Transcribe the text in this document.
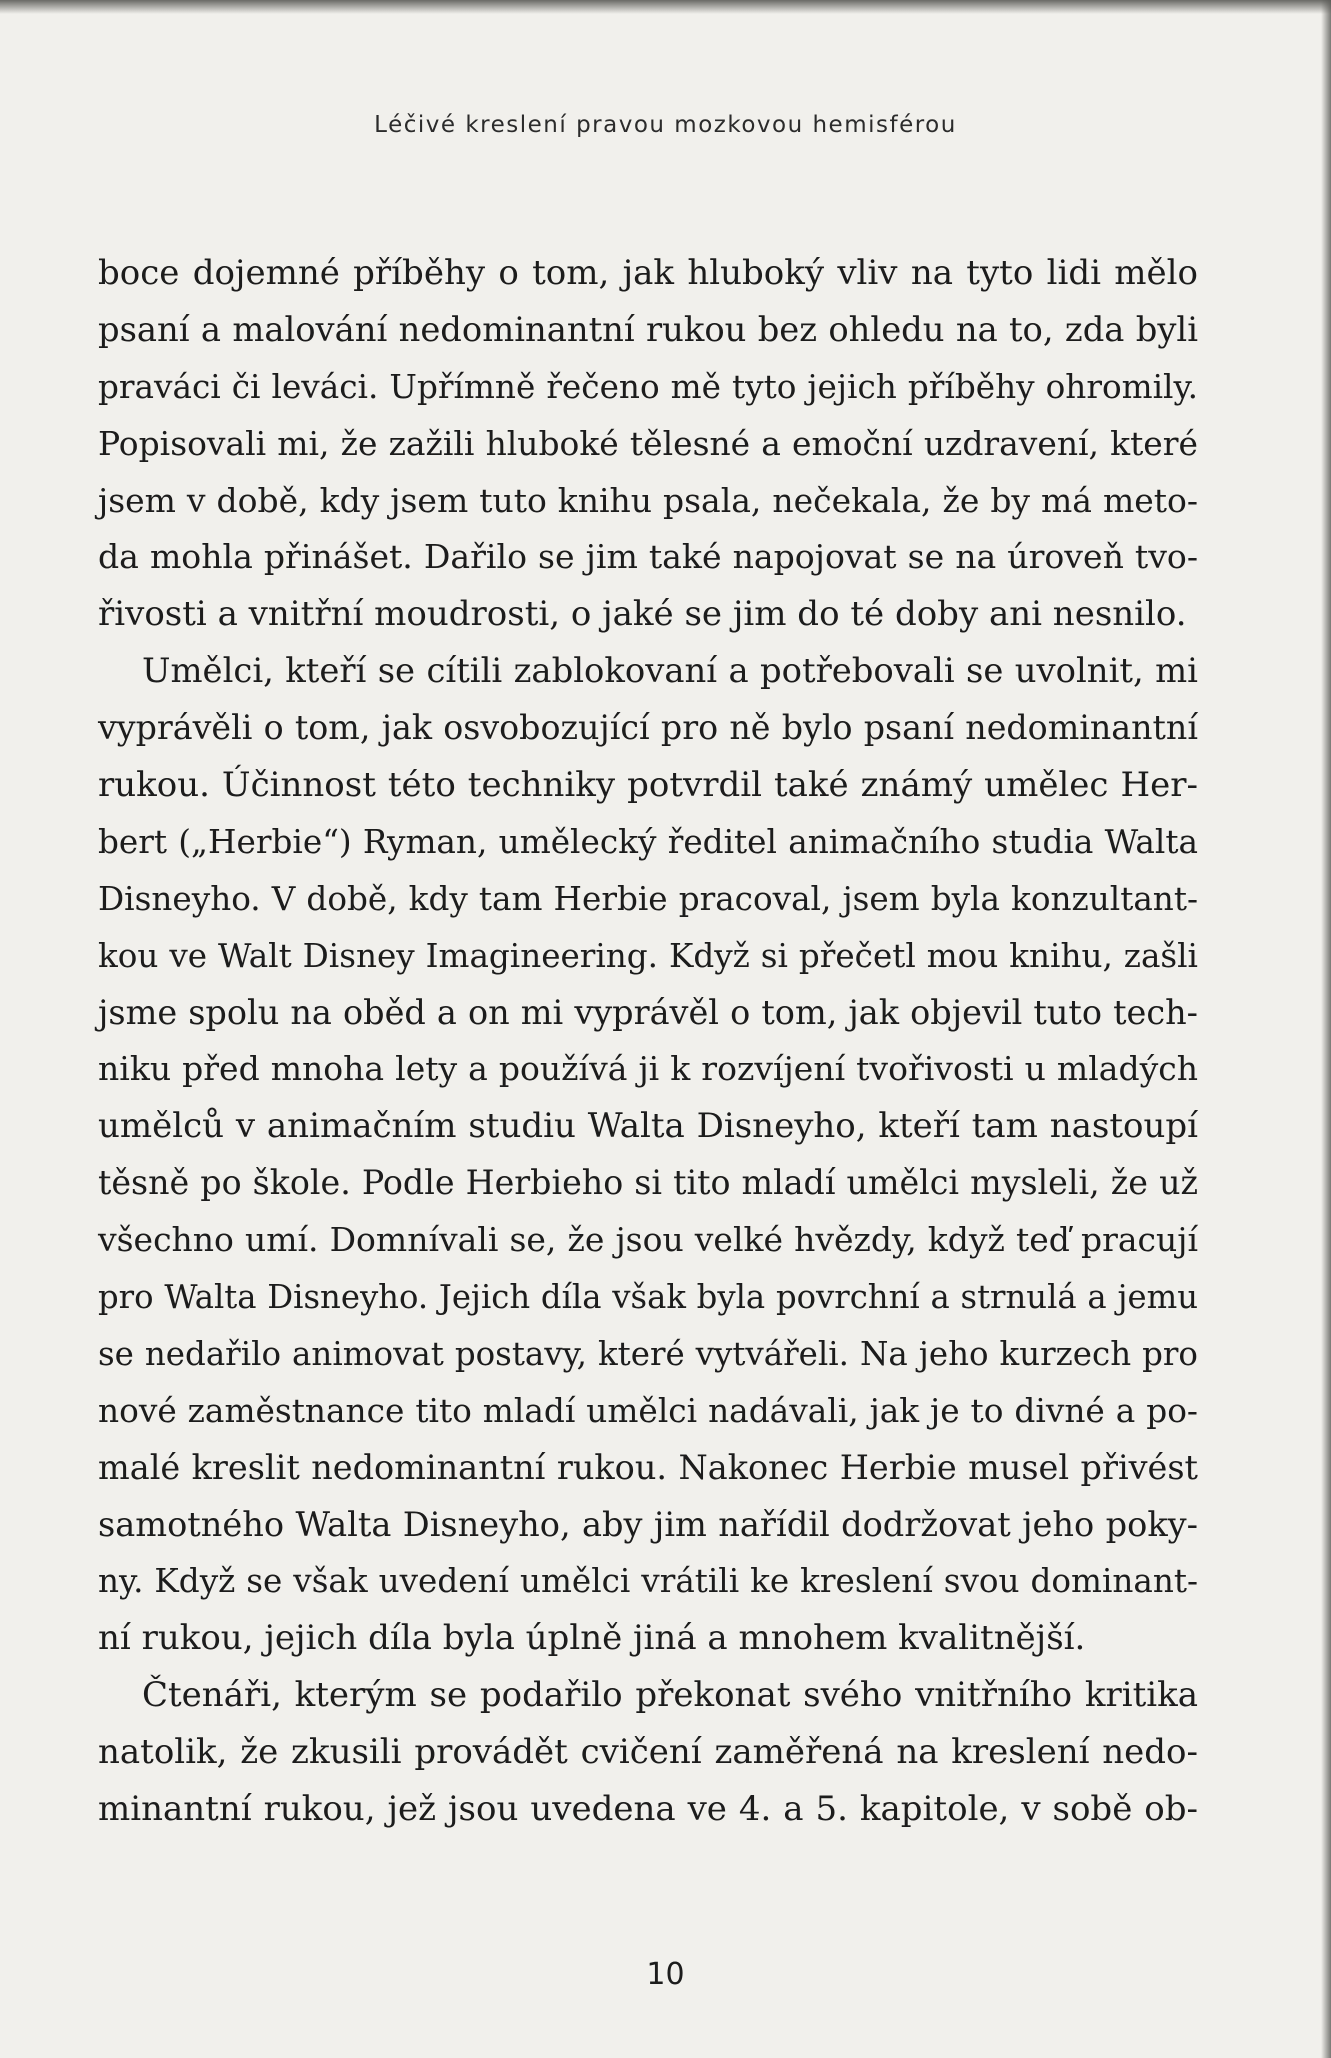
Léčivé kreslení pravou mozkovou hemisférou

boce dojemné příběhy o tom, jak hluboký vliv na tyto lidi mělo
psaní a malování nedominantní rukou bez ohledu na to, zda byli
praváci či leváci. Upřímně řečeno mě tyto jejich příběhy ohromily.
Popisovali mi, že zažili hluboké tělesné a emoční uzdravení, které
jsem v době, kdy jsem tuto knihu psala, nečekala, že by má meto-
da mohla přinášet. Dařilo se jim také napojovat se na úroveň tvo-
řivosti a vnitřní moudrosti, o jaké se jim do té doby ani nesnilo.

Umělci, kteří se cítili zablokovaní a potřebovali se uvolnit, mi
vyprávěli o tom, jak osvobozující pro ně bylo psaní nedominantní
rukou. Účinnost této techniky potvrdil také známý umělec Her-
bert („Herbie“) Ryman, umělecký ředitel animačního studia Walta
Disneyho. V době, kdy tam Herbie pracoval, jsem byla konzultant-
kou ve Walt Disney Imagineering. Když si přečetl mou knihu, zašli
jsme spolu na oběd a on mi vyprávěl o tom, jak objevil tuto tech-
niku před mnoha lety a používá ji k rozvíjení tvořivosti u mladých
umělců v animačním studiu Walta Disneyho, kteří tam nastoupí
těsně po škole. Podle Herbieho si tito mladí umělci mysleli, že už
všechno umí. Domnívali se, že jsou velké hvězdy, když teď pracují
pro Walta Disneyho. Jejich díla však byla povrchní a strnulá a jemu
se nedařilo animovat postavy, které vytvářeli. Na jeho kurzech pro
nové zaměstnance tito mladí umělci nadávali, jak je to divné a po-
malé kreslit nedominantní rukou. Nakonec Herbie musel přivést
samotného Walta Disneyho, aby jim nařídil dodržovat jeho poky-
ny. Když se však uvedení umělci vrátili ke kreslení svou dominant-
ní rukou, jejich díla byla úplně jiná a mnohem kvalitnější.

Čtenáři, kterým se podařilo překonat svého vnitřního kritika
natolik, že zkusili provádět cvičení zaměřená na kreslení nedo-
minantní rukou, jež jsou uvedena ve 4. a 5. kapitole, v sobě ob-

10
